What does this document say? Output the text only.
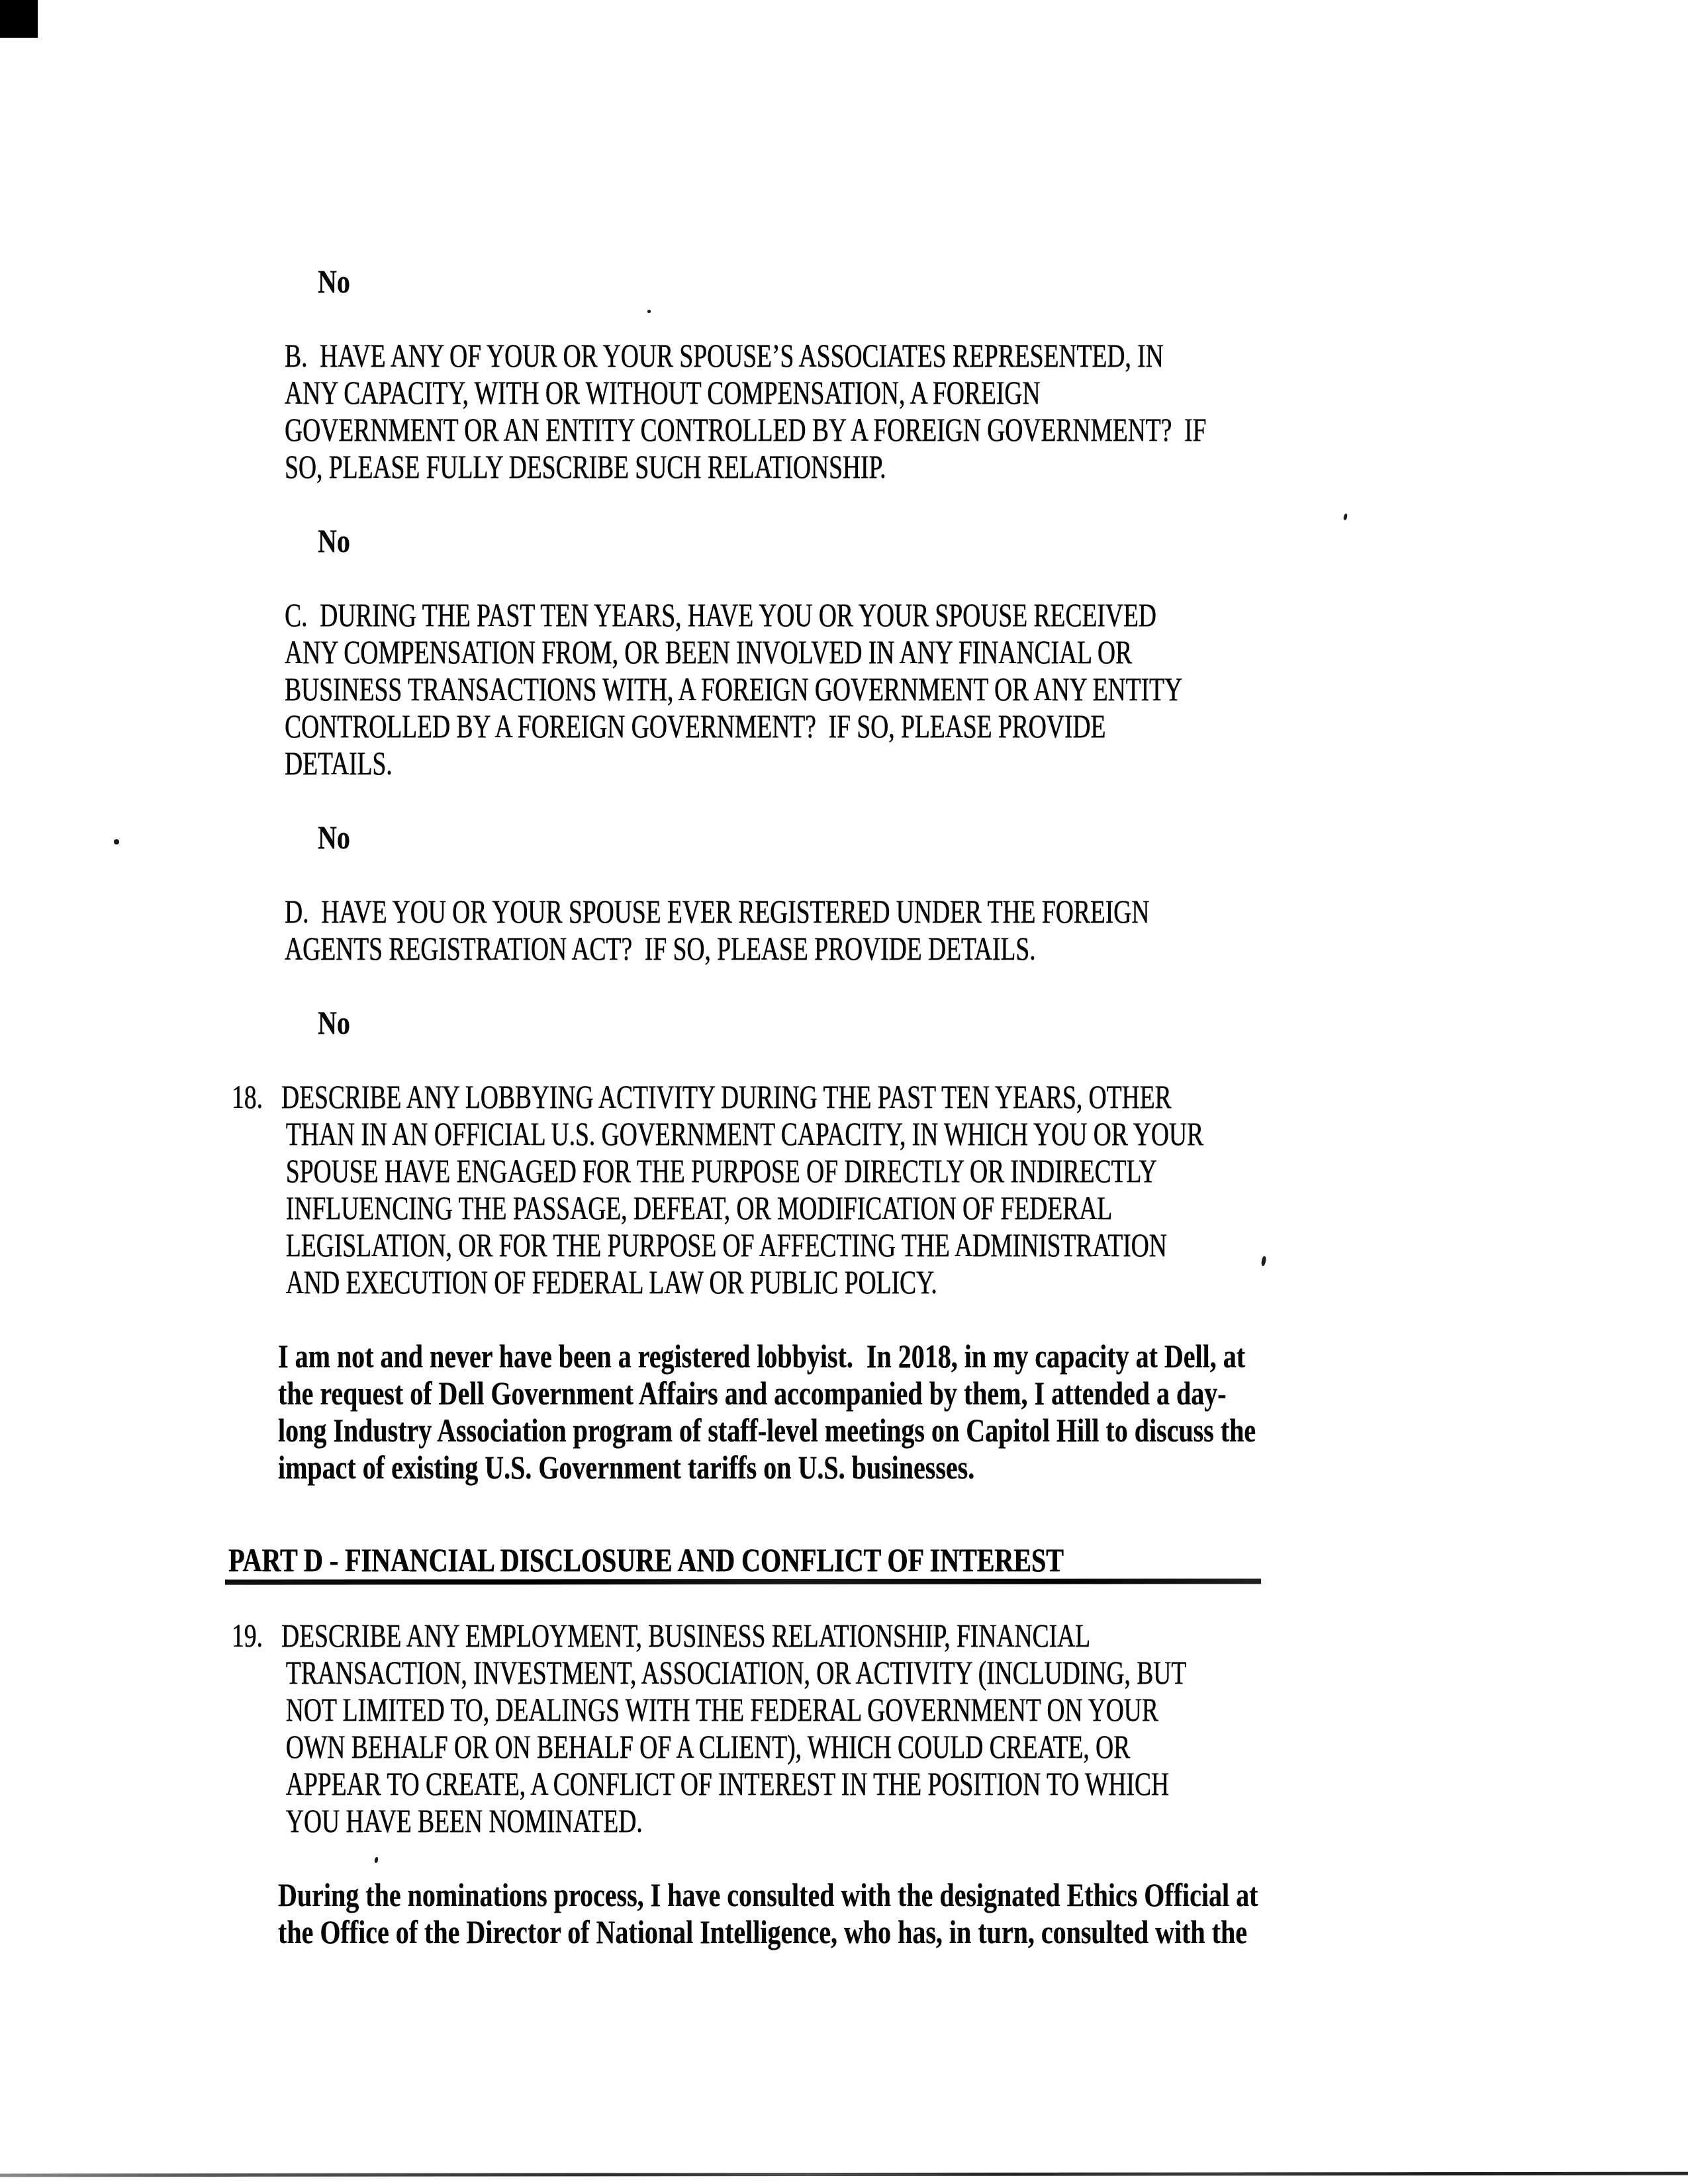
No
B.  HAVE ANY OF YOUR OR YOUR SPOUSE’S ASSOCIATES REPRESENTED, IN
ANY CAPACITY, WITH OR WITHOUT COMPENSATION, A FOREIGN
GOVERNMENT OR AN ENTITY CONTROLLED BY A FOREIGN GOVERNMENT?  IF
SO, PLEASE FULLY DESCRIBE SUCH RELATIONSHIP.
No
C.  DURING THE PAST TEN YEARS, HAVE YOU OR YOUR SPOUSE RECEIVED
ANY COMPENSATION FROM, OR BEEN INVOLVED IN ANY FINANCIAL OR
BUSINESS TRANSACTIONS WITH, A FOREIGN GOVERNMENT OR ANY ENTITY
CONTROLLED BY A FOREIGN GOVERNMENT?  IF SO, PLEASE PROVIDE
DETAILS.
No
D.  HAVE YOU OR YOUR SPOUSE EVER REGISTERED UNDER THE FOREIGN
AGENTS REGISTRATION ACT?  IF SO, PLEASE PROVIDE DETAILS.
No
18.   DESCRIBE ANY LOBBYING ACTIVITY DURING THE PAST TEN YEARS, OTHER
THAN IN AN OFFICIAL U.S. GOVERNMENT CAPACITY, IN WHICH YOU OR YOUR
SPOUSE HAVE ENGAGED FOR THE PURPOSE OF DIRECTLY OR INDIRECTLY
INFLUENCING THE PASSAGE, DEFEAT, OR MODIFICATION OF FEDERAL
LEGISLATION, OR FOR THE PURPOSE OF AFFECTING THE ADMINISTRATION
AND EXECUTION OF FEDERAL LAW OR PUBLIC POLICY.
I am not and never have been a registered lobbyist.  In 2018, in my capacity at Dell, at
the request of Dell Government Affairs and accompanied by them, I attended a day-
long Industry Association program of staff-level meetings on Capitol Hill to discuss the
impact of existing U.S. Government tariffs on U.S. businesses.
PART D - FINANCIAL DISCLOSURE AND CONFLICT OF INTEREST
19.   DESCRIBE ANY EMPLOYMENT, BUSINESS RELATIONSHIP, FINANCIAL
TRANSACTION, INVESTMENT, ASSOCIATION, OR ACTIVITY (INCLUDING, BUT
NOT LIMITED TO, DEALINGS WITH THE FEDERAL GOVERNMENT ON YOUR
OWN BEHALF OR ON BEHALF OF A CLIENT), WHICH COULD CREATE, OR
APPEAR TO CREATE, A CONFLICT OF INTEREST IN THE POSITION TO WHICH
YOU HAVE BEEN NOMINATED.
During the nominations process, I have consulted with the designated Ethics Official at
the Office of the Director of National Intelligence, who has, in turn, consulted with the
